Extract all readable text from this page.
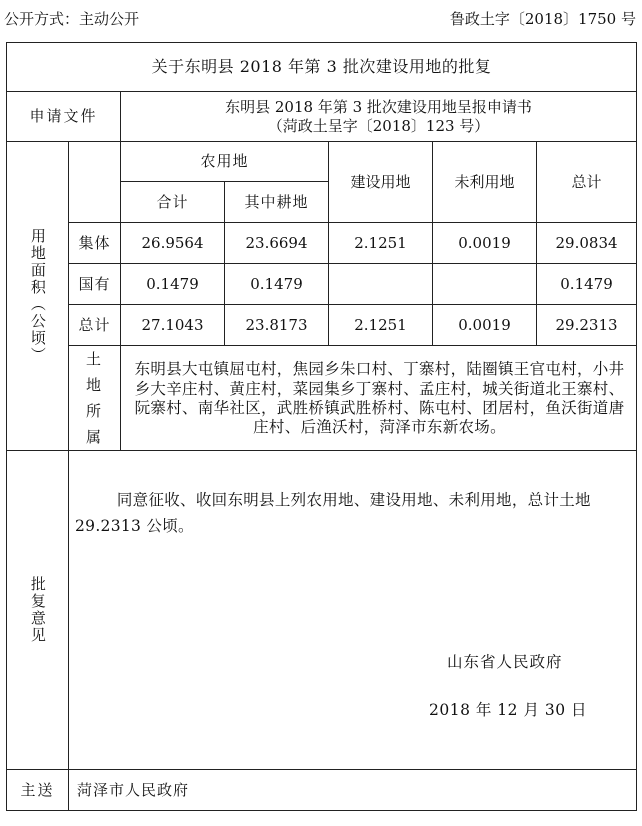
公开方式：主动公开	鲁政土字〔2018〕1750 号
关于东明县 2018 年第 3 批次建设用地的批复						
申请文件		东明县 2018 年第 3 批次建设用地呈报申请书
（菏政土呈字〔2018〕123 号）				

用地面积（公顷）		农用地		建设用地	未利用地	总计
		合计	其中耕地			
	集体	26.9564	23.6694	2.1251	0.0019	29.0834
	国有	0.1479	0.1479			0.1479
	总计	27.1043	23.8173	2.1251	0.0019	29.2313

	土地所属	东明县大屯镇屈屯村，焦园乡朱口村、丁寨村，陆圈镇王官屯村，小井乡大辛庄村、黄庄村，菜园集乡丁寨村、孟庄村，城关街道北王寨村、阮寨村、南华社区，武胜桥镇武胜桥村、陈屯村、团居村，鱼沃街道唐庄村、后渔沃村，菏泽市东新农场。				

批复意见	同意征收、收回东明县上列农用地、建设用地、未利用地，总计土地 29.2313 公顷。
山东省人民政府
2018 年 12 月 30 日					

主送	菏泽市人民政府					
